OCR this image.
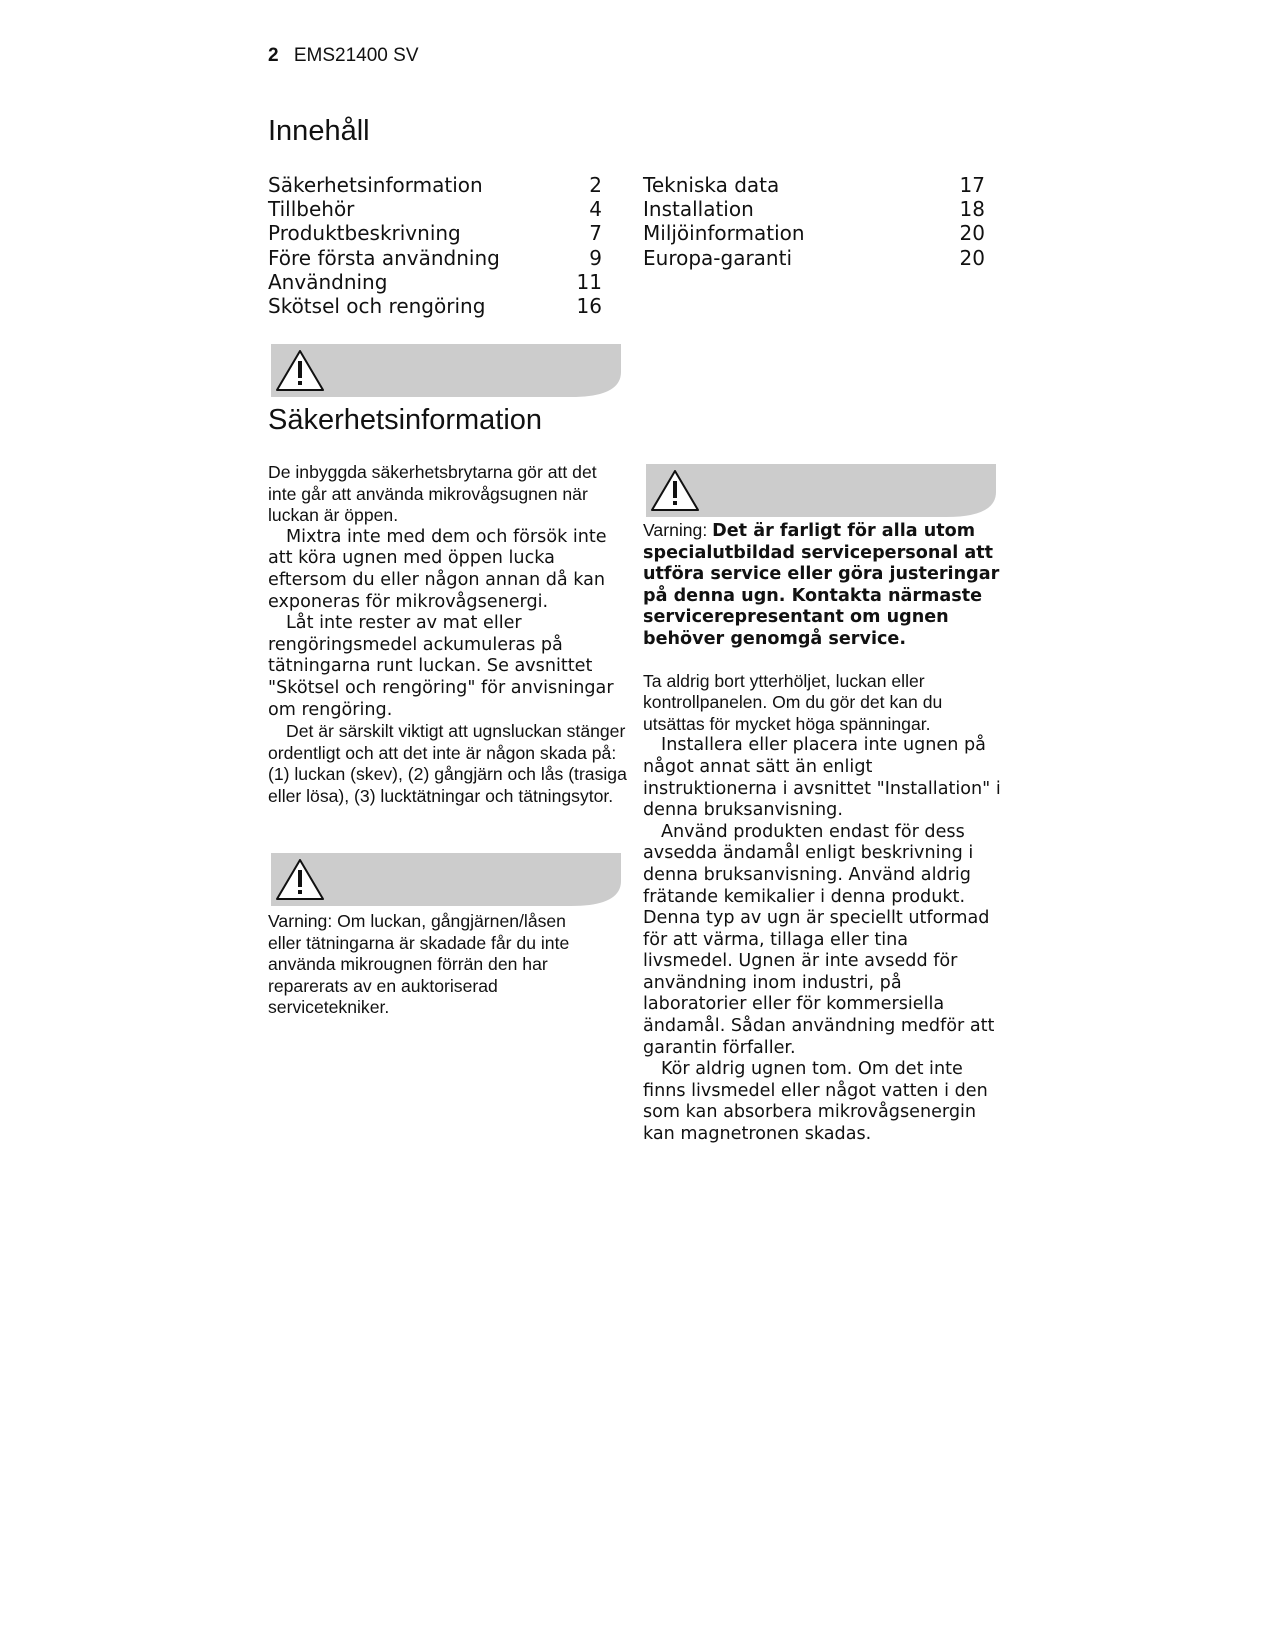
2 EMS21400 SV
Innehåll
Säkerhetsinformation	2
Tillbehör	4
Produktbeskrivning	7
Före första användning	9
Användning	11
Skötsel och rengöring	16
Tekniska data	17
Installation	18
Miljöinformation	20
Europa-garanti	20
Säkerhetsinformation

De inbyggda säkerhetsbrytarna gör att det inte går att använda mikrovågsugnen när luckan är öppen.

Mixtra inte med dem och försök inte att köra ugnen med öppen lucka eftersom du eller någon annan då kan exponeras för mikrovågsenergi.

Låt inte rester av mat eller rengöringsmedel ackumuleras på tätningarna runt luckan. Se avsnittet "Skötsel och rengöring" för anvisningar om rengöring.

Det är särskilt viktigt att ugnsluckan stänger ordentligt och att det inte är någon skada på: (1) luckan (skev), (2) gångjärn och lås (trasiga eller lösa), (3) lucktätningar och tätningsytor.

Varning: Om luckan, gångjärnen/låsen eller tätningarna är skadade får du inte använda mikrougnen förrän den har reparerats av en auktoriserad servicetekniker.

Varning: Det är farligt för alla utom specialutbildad servicepersonal att utföra service eller göra justeringar på denna ugn. Kontakta närmaste servicerepresentant om ugnen behöver genomgå service.

Ta aldrig bort ytterhöljet, luckan eller kontrollpanelen. Om du gör det kan du utsättas för mycket höga spänningar.

Installera eller placera inte ugnen på något annat sätt än enligt instruktionerna i avsnittet "Installation" i denna bruksanvisning.

Använd produkten endast för dess avsedda ändamål enligt beskrivning i denna bruksanvisning. Använd aldrig frätande kemikalier i denna produkt. Denna typ av ugn är speciellt utformad för att värma, tillaga eller tina livsmedel. Ugnen är inte avsedd för användning inom industri, på laboratorier eller för kommersiella ändamål. Sådan användning medför att garantin förfaller.

Kör aldrig ugnen tom. Om det inte finns livsmedel eller något vatten i den som kan absorbera mikrovågsenergin kan magnetronen skadas.
